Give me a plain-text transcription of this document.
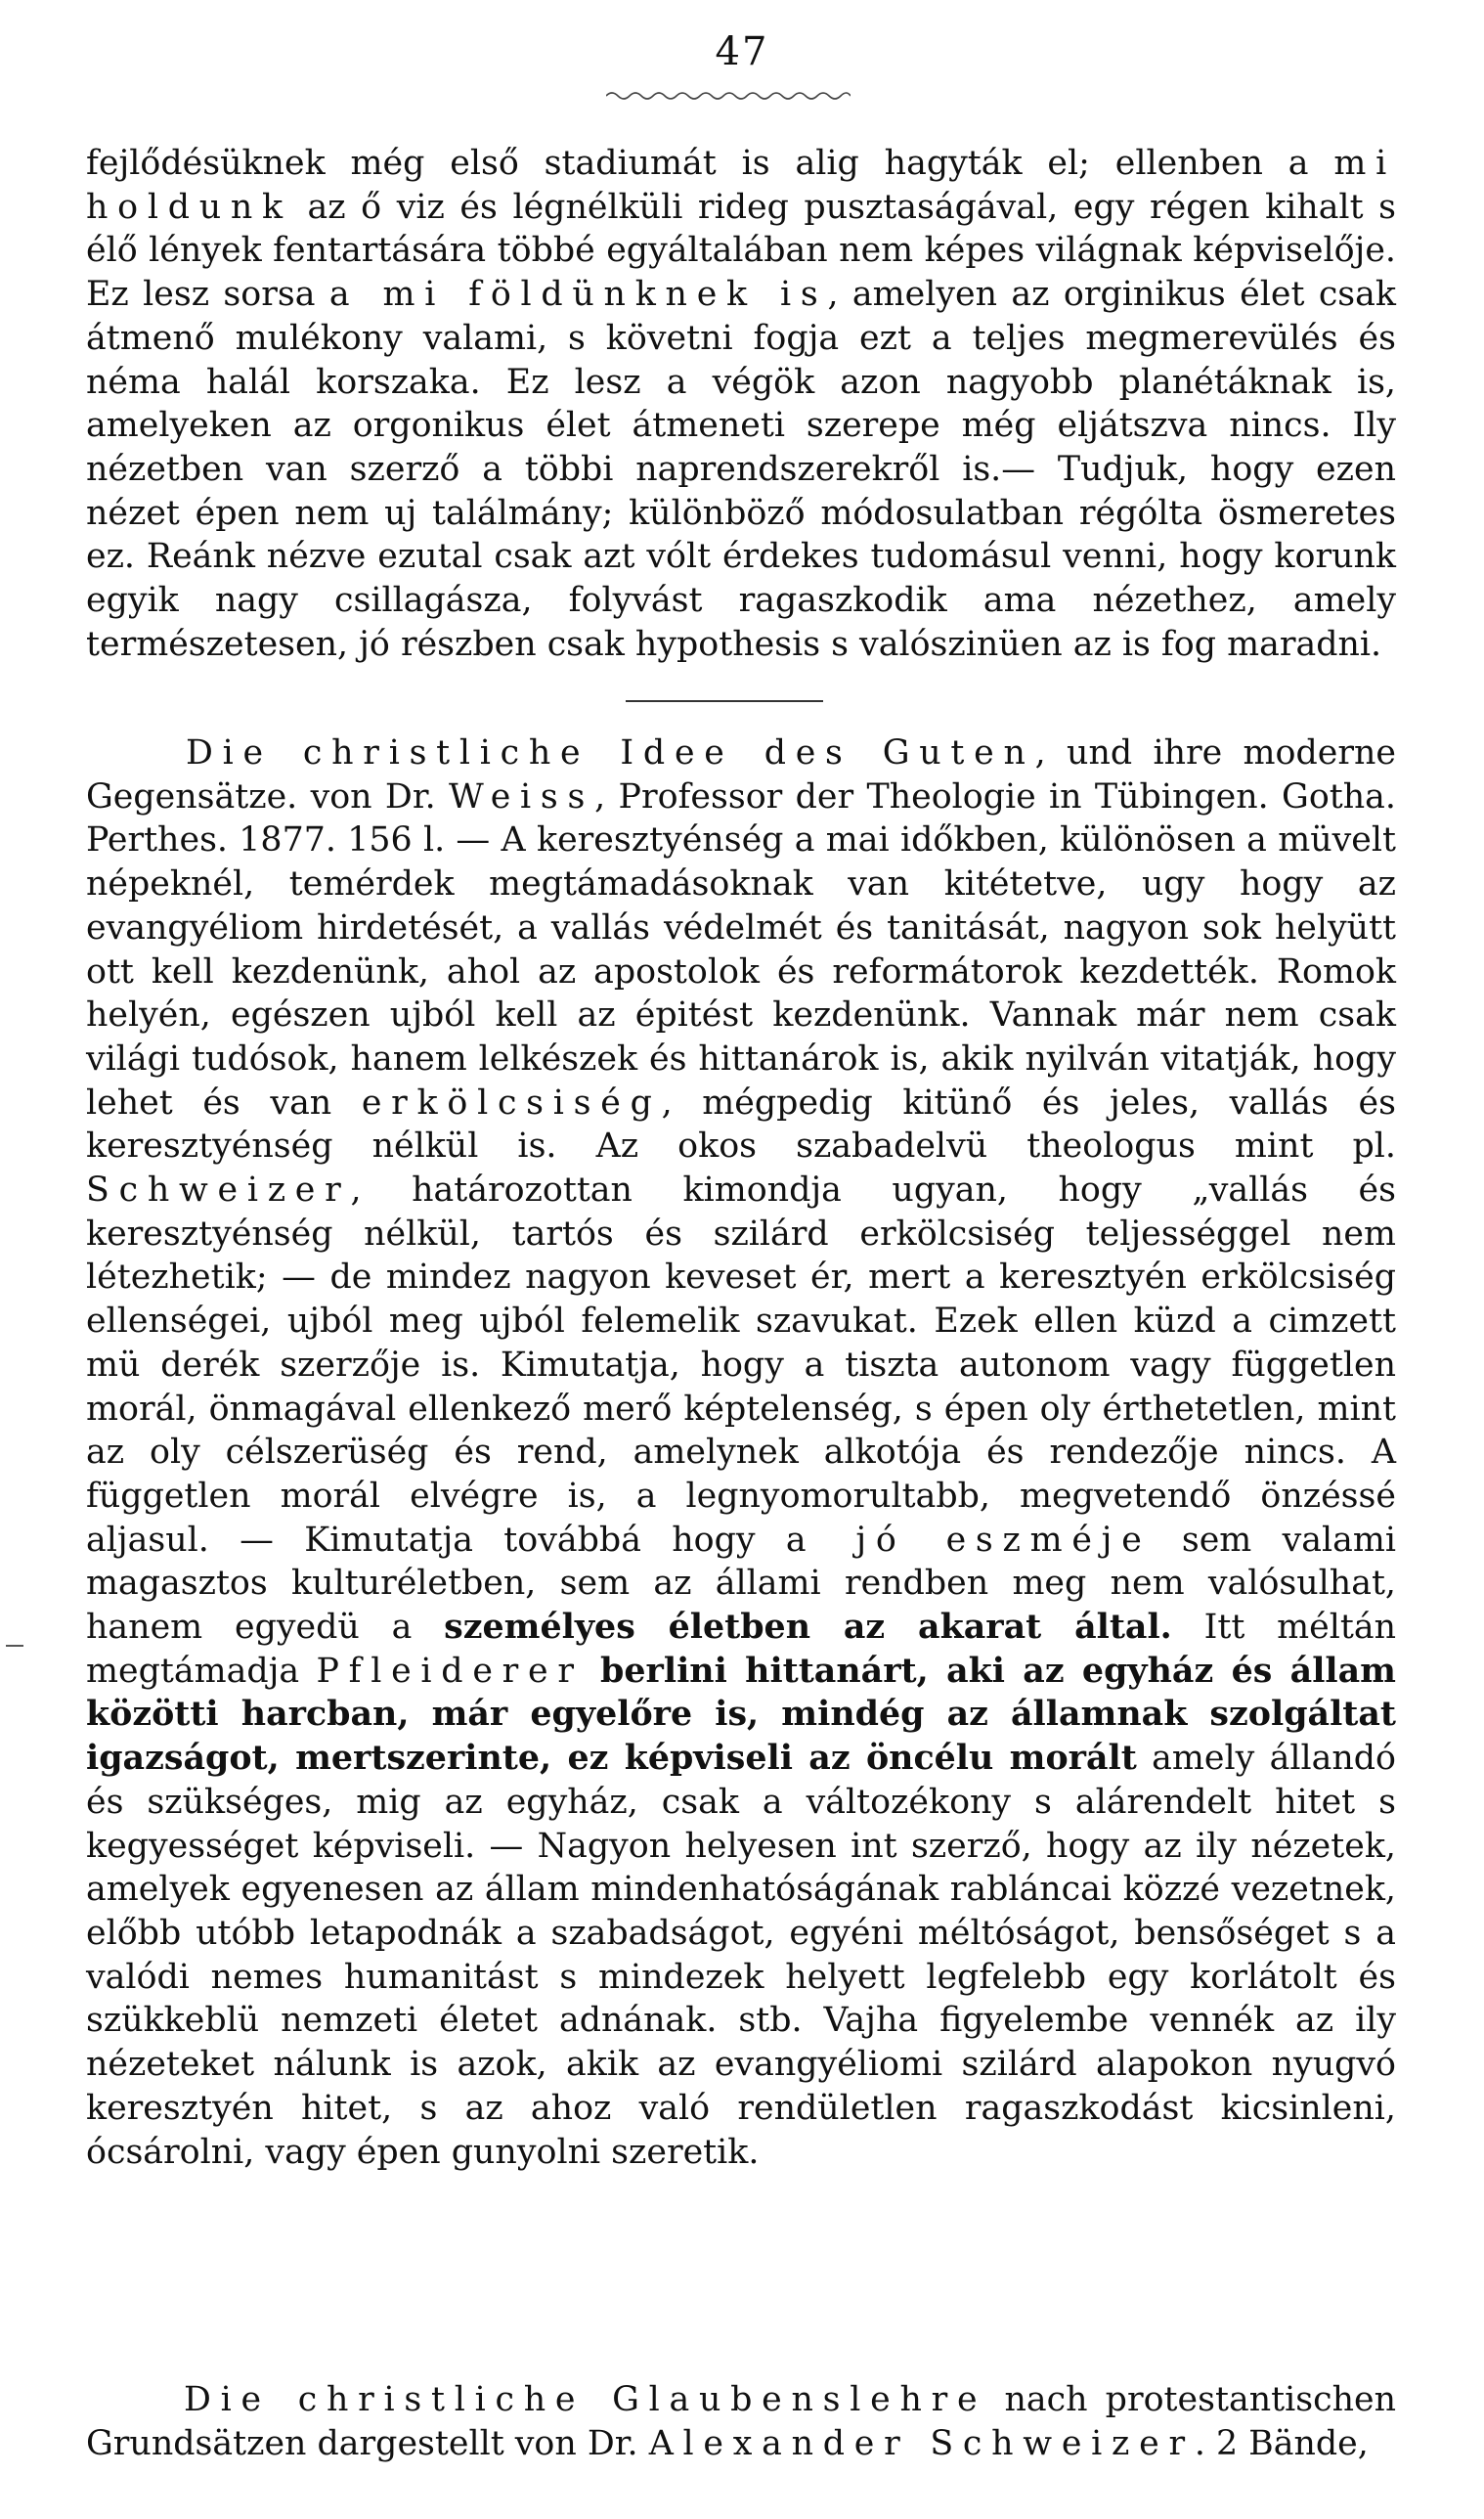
47

fejlődésüknek még első stadiumát is alig hagyták el; ellenben a mi holdunk az ő viz és légnélküli rideg pusztaságával, egy régen kihalt s élő lények fentartására többé egyáltalában nem képes világnak képviselője. Ez lesz sorsa a mi földünknek is, amelyen az orginikus élet csak átmenő mulékony valami, s követni fogja ezt a teljes megmerevülés és néma halál korszaka. Ez lesz a végök azon nagyobb planétáknak is, amelyeken az orgonikus élet átmeneti szerepe még eljátszva nincs. Ily nézetben van szerző a többi naprendszerekről is.— Tudjuk, hogy ezen nézet épen nem uj találmány; különböző módosulatban régólta ösmeretes ez. Reánk nézve ezutal csak azt vólt érdekes tudomásul venni, hogy korunk egyik nagy csillagásza, folyvást ragaszkodik ama nézethez, amely természetesen, jó részben csak hypothesis s valószinüen az is fog maradni.

Die christliche Idee des Guten, und ihre moderne Gegensätze. von Dr. Weiss, Professor der Theologie in Tübingen. Gotha. Perthes. 1877. 156 l. — A keresztyénség a mai időkben, különösen a müvelt népeknél, temérdek megtámadásoknak van kitétetve, ugy hogy az evangyéliom hirdetését, a vallás védelmét és tanitását, nagyon sok helyütt ott kell kezdenünk, ahol az apostolok és reformátorok kezdették. Romok helyén, egészen ujból kell az épitést kezdenünk. Vannak már nem csak világi tudósok, hanem lelkészek és hittanárok is, akik nyilván vitatják, hogy lehet és van erkölcsiség, mégpedig kitünő és jeles, vallás és keresztyénség nélkül is. Az okos szabadelvü theologus mint pl. Schweizer, határozottan kimondja ugyan, hogy „vallás és keresztyénség nélkül, tartós és szilárd erkölcsiség teljességgel nem létezhetik; — de mindez nagyon keveset ér, mert a keresztyén erkölcsiség ellenségei, ujból meg ujból felemelik szavukat. Ezek ellen küzd a cimzett mü derék szerzője is. Kimutatja, hogy a tiszta autonom vagy független morál, önmagával ellenkező merő képtelenség, s épen oly érthetetlen, mint az oly célszerüség és rend, amelynek alkotója és rendezője nincs. A független morál elvégre is, a legnyomorultabb, megvetendő önzéssé aljasul. — Kimutatja továbbá hogy a jó eszméje sem valami magasztos kulturéletben, sem az állami rendben meg nem valósulhat, hanem egyedü a személyes életben az akarat által. Itt méltán megtámadja Pfleiderer berlini hittanárt, aki az egyház és állam közötti harcban, már egyelőre is, mindég az államnak szolgáltat igazságot, mertszerinte, ez képviseli az öncélu morált amely állandó és szükséges, mig az egyház, csak a változékony s alárendelt hitet s kegyességet képviseli. — Nagyon helyesen int szerző, hogy az ily nézetek, amelyek egyenesen az állam mindenhatóságának rabláncai közzé vezetnek, előbb utóbb letapodnák a szabadságot, egyéni méltóságot, bensőséget s a valódi nemes humanitást s mindezek helyett legfelebb egy korlátolt és szükkeblü nemzeti életet adnának. stb. Vajha figyelembe vennék az ily nézeteket nálunk is azok, akik az evangyéliomi szilárd alapokon nyugvó keresztyén hitet, s az ahoz való rendületlen ragaszkodást kicsinleni, ócsárolni, vagy épen gunyolni szeretik.

Die christliche Glaubenslehre nach protestantischen Grundsätzen dargestellt von Dr. Alexander Schweizer. 2 Bände,
